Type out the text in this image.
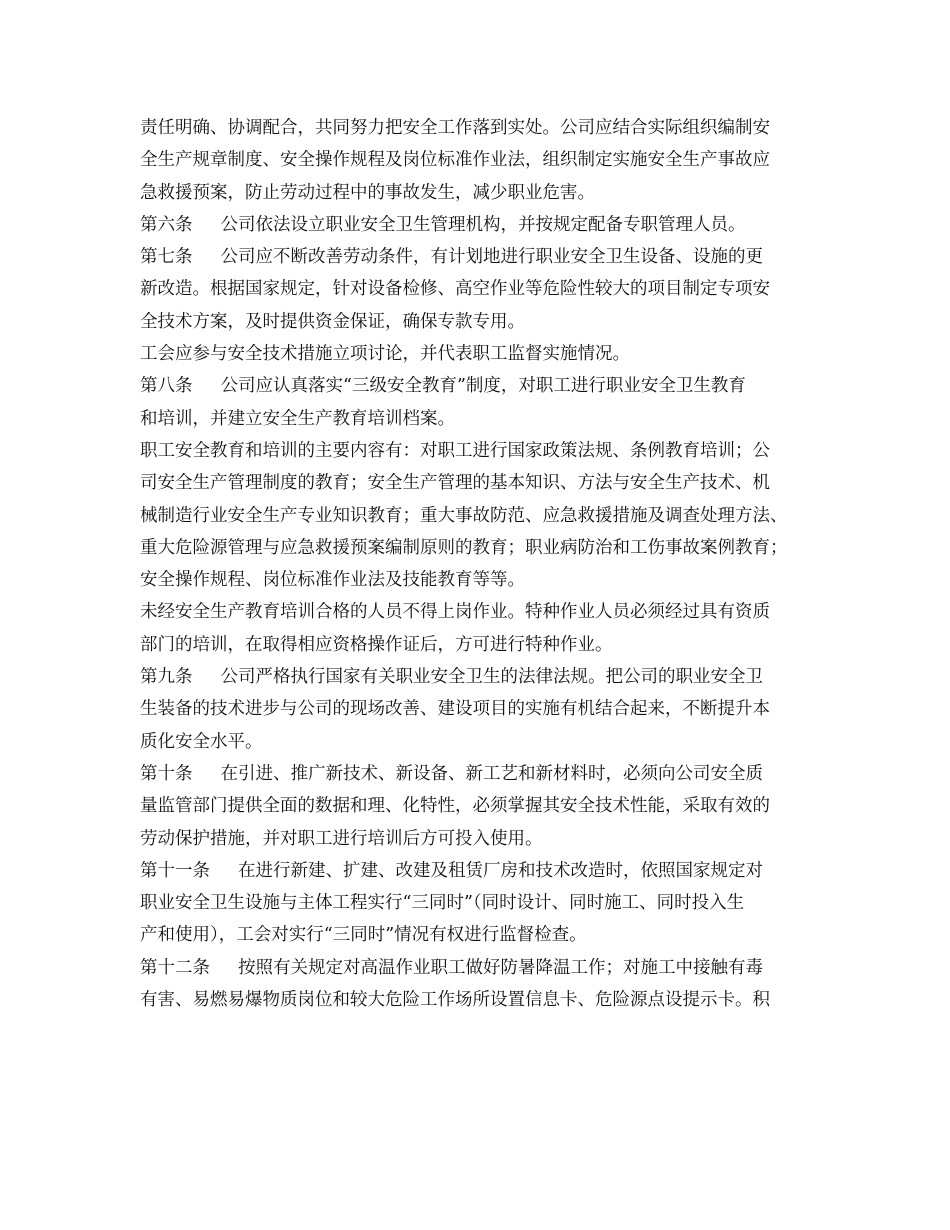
责任明确、协调配合，共同努力把安全工作落到实处。公司应结合实际组织编制安
全生产规章制度、安全操作规程及岗位标准作业法，组织制定实施安全生产事故应
急救援预案，防止劳动过程中的事故发生，减少职业危害。
第六条 公司依法设立职业安全卫生管理机构，并按规定配备专职管理人员。
第七条 公司应不断改善劳动条件，有计划地进行职业安全卫生设备、设施的更
新改造。根据国家规定，针对设备检修、高空作业等危险性较大的项目制定专项安
全技术方案，及时提供资金保证，确保专款专用。
工会应参与安全技术措施立项讨论，并代表职工监督实施情况。
第八条 公司应认真落实“三级安全教育”制度，对职工进行职业安全卫生教育
和培训，并建立安全生产教育培训档案。
职工安全教育和培训的主要内容有：对职工进行国家政策法规、条例教育培训；公
司安全生产管理制度的教育；安全生产管理的基本知识、方法与安全生产技术、机
械制造行业安全生产专业知识教育；重大事故防范、应急救援措施及调查处理方法、
重大危险源管理与应急救援预案编制原则的教育；职业病防治和工伤事故案例教育；
安全操作规程、岗位标准作业法及技能教育等等。
未经安全生产教育培训合格的人员不得上岗作业。特种作业人员必须经过具有资质
部门的培训，在取得相应资格操作证后，方可进行特种作业。
第九条 公司严格执行国家有关职业安全卫生的法律法规。把公司的职业安全卫
生装备的技术进步与公司的现场改善、建设项目的实施有机结合起来，不断提升本
质化安全水平。
第十条 在引进、推广新技术、新设备、新工艺和新材料时，必须向公司安全质
量监管部门提供全面的数据和理、化特性，必须掌握其安全技术性能，采取有效的
劳动保护措施，并对职工进行培训后方可投入使用。
第十一条 在进行新建、扩建、改建及租赁厂房和技术改造时，依照国家规定对
职业安全卫生设施与主体工程实行“三同时”（同时设计、同时施工、同时投入生
产和使用），工会对实行“三同时”情况有权进行监督检查。
第十二条 按照有关规定对高温作业职工做好防暑降温工作；对施工中接触有毒
有害、易燃易爆物质岗位和较大危险工作场所设置信息卡、危险源点设提示卡。积
